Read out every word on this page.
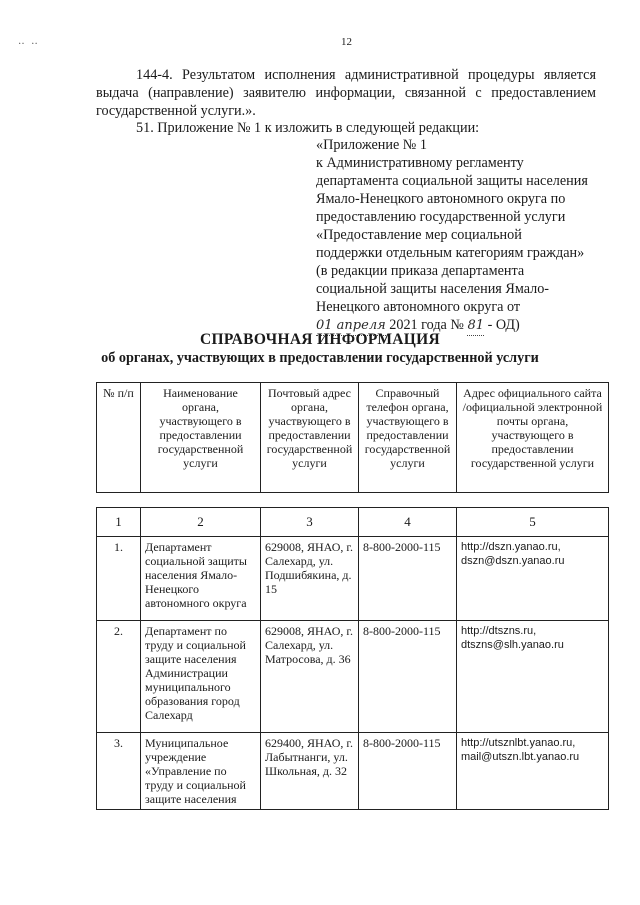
‥ ‥	12
144-4. Результатом исполнения административной процедуры является выдача (направление) заявителю информации, связанной с предоставлением государственной услуги.».
51. Приложение № 1 к изложить в следующей редакции:
«Приложение № 1
к Административному регламенту
департамента социальной защиты населения
Ямало-Ненецкого автономного округа по
предоставлению государственной услуги
«Предоставление мер социальной
поддержки отдельным категориям граждан»
(в редакции приказа департамента
социальной защиты населения Ямало-
Ненецкого автономного округа от
01 апреля 2021 года № 81 - ОД)
СПРАВОЧНАЯ ИНФОРМАЦИЯ
об органах, участвующих в предоставлении государственной услуги
№ п/п	Наименование органа, участвующего в предоставлении государственной услуги	Почтовый адрес органа, участвующего в предоставлении государственной услуги	Справочный телефон органа, участвующего в предоставлении государственной услуги	Адрес официального сайта /официальной электронной почты органа, участвующего в предоставлении государственной услуги
1	2	3	4	5
1.	Департамент социальной защиты населения Ямало-Ненецкого автономного округа	629008, ЯНАО, г. Салехард, ул. Подшибякина, д. 15	8-800-2000-115	http://dszn.yanao.ru,
dszn@dszn.yanao.ru

2.	Департамент по труду и социальной защите населения Администрации муниципального образования город Салехард	629008, ЯНАО, г. Салехард, ул. Матросова, д. 36	8-800-2000-115	http://dtszns.ru,
dtszns@slh.yanao.ru

3.	Муниципальное учреждение «Управление по труду и социальной защите населения	629400, ЯНАО, г. Лабытнанги, ул. Школьная, д. 32	8-800-2000-115	http://utsznlbt.yanao.ru,
mail@utszn.lbt.yanao.ru
